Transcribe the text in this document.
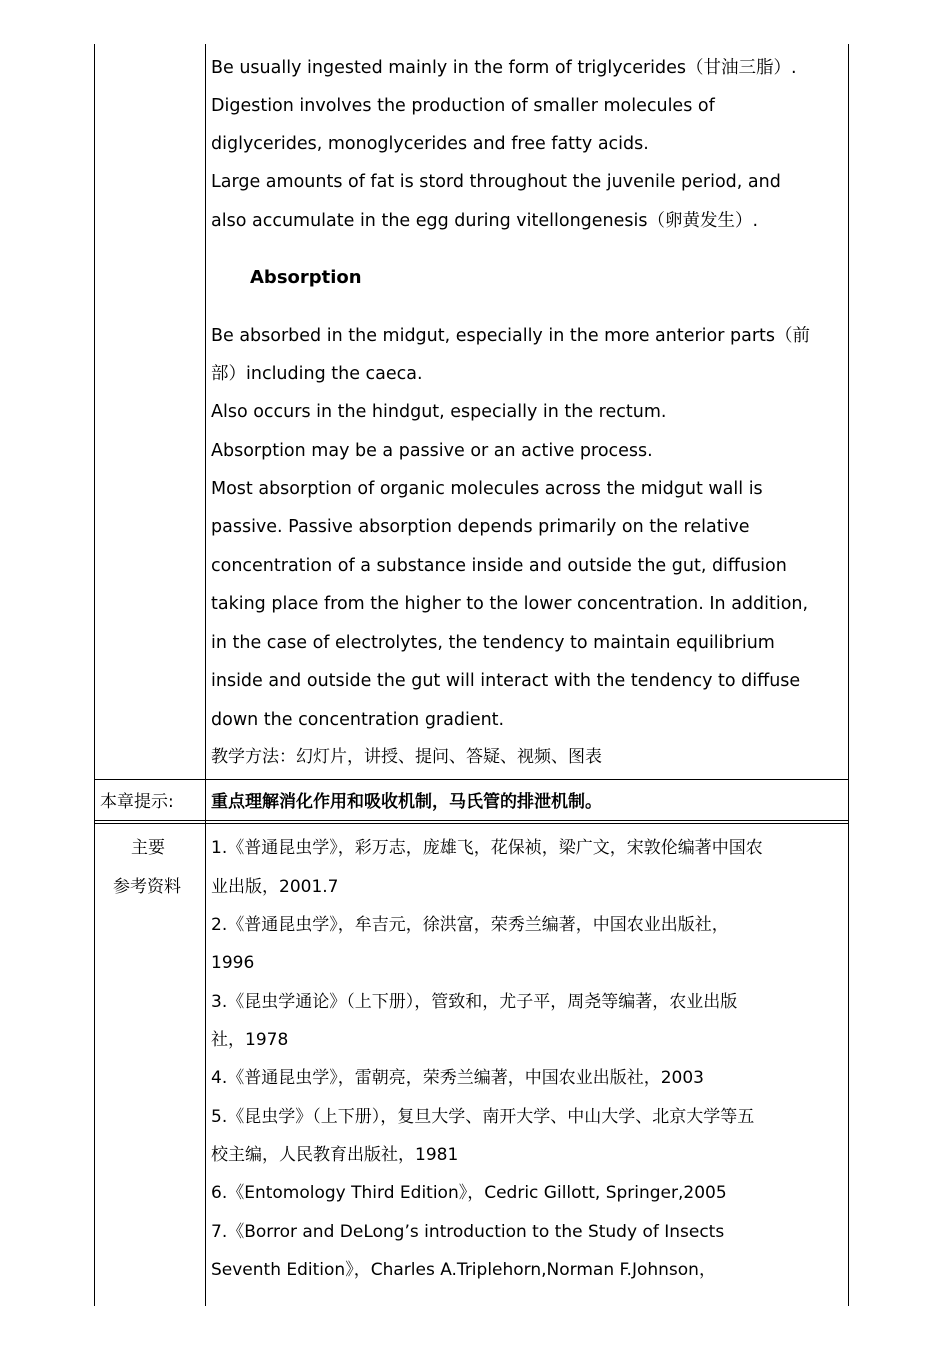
Be usually ingested mainly in the form of triglycerides（甘油三脂）.
Digestion involves the production of smaller molecules of
diglycerides, monoglycerides and free fatty acids.
Large amounts of fat is stord throughout the juvenile period, and
also accumulate in the egg during vitellongenesis（卵黄发生）.
Absorption
Be absorbed in the midgut, especially in the more anterior parts（前
部）including the caeca.
Also occurs in the hindgut, especially in the rectum.
Absorption may be a passive or an active process.
Most absorption of organic molecules across the midgut wall is
passive. Passive absorption depends primarily on the relative
concentration of a substance inside and outside the gut, diffusion
taking place from the higher to the lower concentration. In addition,
in the case of electrolytes, the tendency to maintain equilibrium
inside and outside the gut will interact with the tendency to diffuse
down the concentration gradient.
教学方法：幻灯片，讲授、提问、答疑、视频、图表
本章提示: 重点理解消化作用和吸收机制，马氏管的排泄机制。
主要
参考资料
1.《普通昆虫学》，彩万志，庞雄飞，花保祯，梁广文，宋敦伦编著中国农
业出版，2001.7
2.《普通昆虫学》，牟吉元，徐洪富，荣秀兰编著，中国农业出版社，
1996
3.《昆虫学通论》（上下册），管致和，尤子平，周尧等编著，农业出版
社，1978
4.《普通昆虫学》，雷朝亮，荣秀兰编著，中国农业出版社，2003
5.《昆虫学》（上下册），复旦大学、南开大学、中山大学、北京大学等五
校主编，人民教育出版社，1981
6.《Entomology Third Edition》，Cedric Gillott, Springer,2005
7.《Borror and DeLong’s introduction to the Study of Insects
Seventh Edition》，Charles A.Triplehorn,Norman F.Johnson，
